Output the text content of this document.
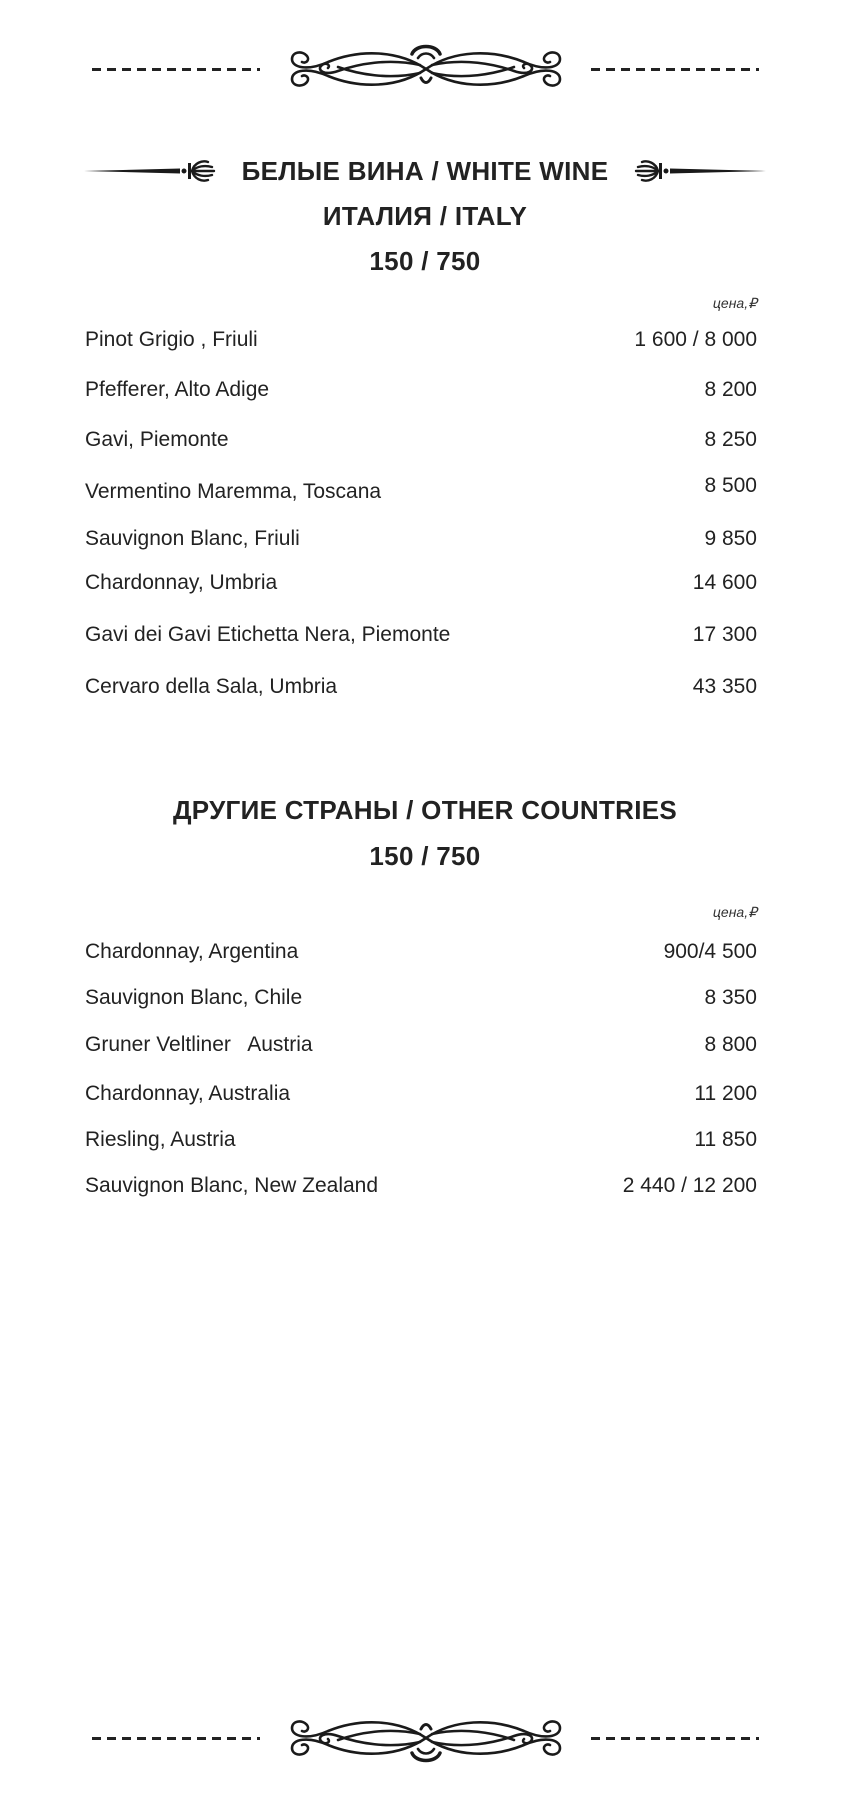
БЕЛЫЕ ВИНА / WHITE WINE
ИТАЛИЯ / ITALY
150 / 750
цена,₽
Pinot Grigio , Friuli	1 600 / 8 000
Pfefferer, Alto Adige	8 200
Gavi, Piemonte	8 250
Vermentino Maremma, Toscana	8 500
Sauvignon Blanc, Friuli	9 850
Chardonnay, Umbria	14 600
Gavi dei Gavi Etichetta Nera, Piemonte	17 300
Cervaro della Sala, Umbria	43 350
ДРУГИЕ СТРАНЫ / OTHER COUNTRIES
150 / 750
цена,₽
Chardonnay, Argentina	900/4 500
Sauvignon Blanc, Chile	8 350
Gruner Veltliner   Austria	8 800
Chardonnay, Australia	11 200
Riesling, Austria	11 850
Sauvignon Blanc, New Zealand	2 440 / 12 200
